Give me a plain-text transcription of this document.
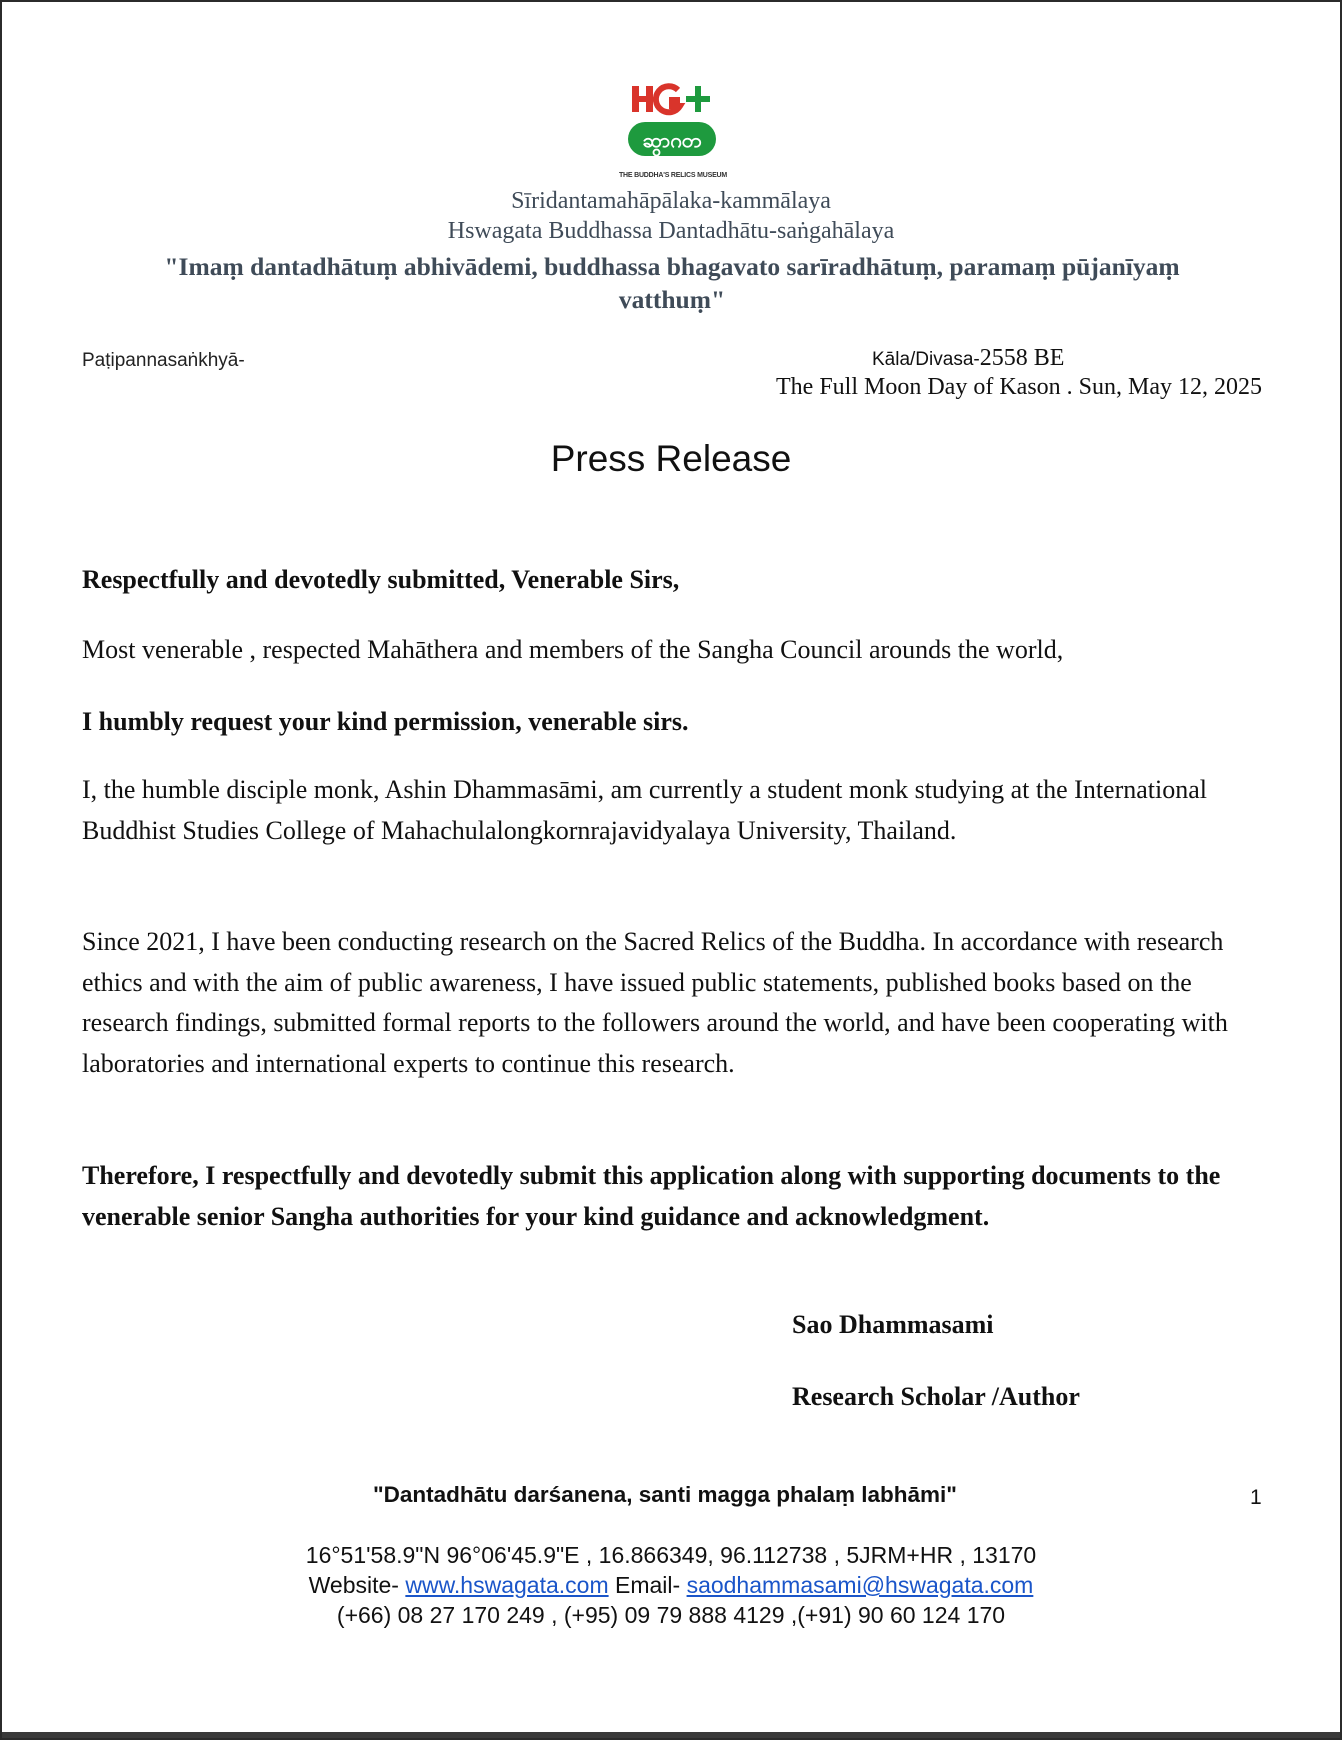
ဆွာဂတ
THE BUDDHA'S RELICS MUSEUM
Sīridantamahāpālaka-kammālaya
Hswagata Buddhassa Dantadhātu-saṅgahālaya
"Imaṃ dantadhātuṃ abhivādemi, buddhassa bhagavato sarīradhātuṃ, paramaṃ pūjanīyaṃ vatthuṃ"
Paṭipannasaṅkhyā-	Kāla/Divasa-2558 BE
The Full Moon Day of Kason . Sun, May 12, 2025
Press Release

Respectfully and devotedly submitted, Venerable Sirs,

Most venerable , respected Mahāthera and members of the Sangha Council arounds the world,

I humbly request your kind permission, venerable sirs.

I, the humble disciple monk, Ashin Dhammasāmi, am currently a student monk studying at the International Buddhist Studies College of Mahachulalongkornrajavidyalaya University, Thailand.

Since 2021, I have been conducting research on the Sacred Relics of the Buddha. In accordance with research ethics and with the aim of public awareness, I have issued public statements, published books based on the research findings, submitted formal reports to the followers around the world, and have been cooperating with laboratories and international experts to continue this research.

Therefore, I respectfully and devotedly submit this application along with supporting documents to the venerable senior Sangha authorities for your kind guidance and acknowledgment.

Sao Dhammasami
Research Scholar /Author
"Dantadhātu darśanena, santi magga phalaṃ labhāmi"	1
16°51'58.9"N 96°06'45.9"E , 16.866349, 96.112738 , 5JRM+HR , 13170
Website- www.hswagata.com Email- saodhammasami@hswagata.com
(+66) 08 27 170 249 , (+95) 09 79 888 4129 ,(+91) 90 60 124 170
